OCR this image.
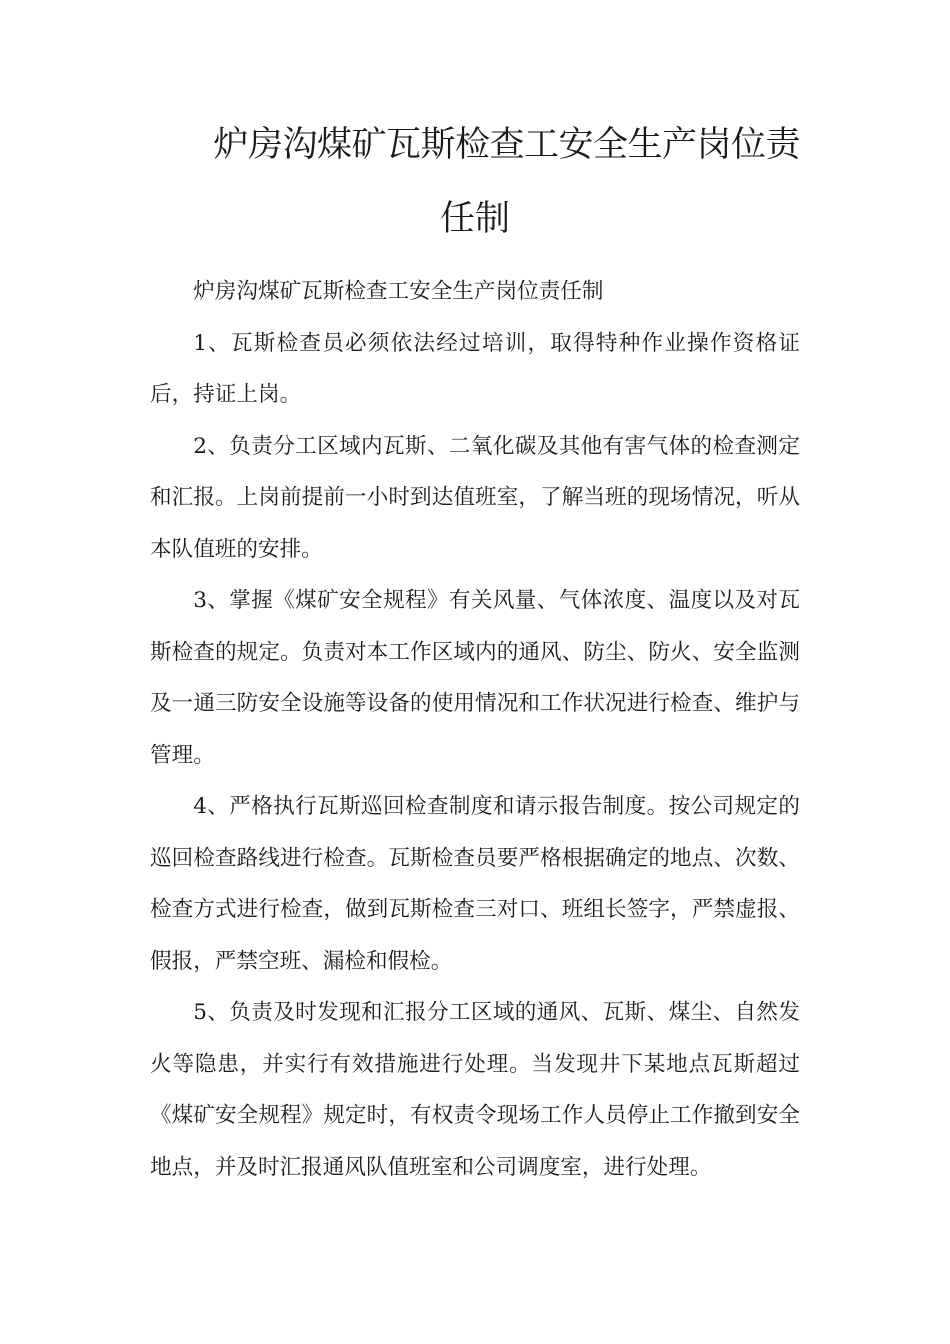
炉房沟煤矿瓦斯检查工安全生产岗位责
任制

炉房沟煤矿瓦斯检查工安全生产岗位责任制

1、瓦斯检查员必须依法经过培训，取得特种作业操作资格证后，持证上岗。

2、负责分工区域内瓦斯、二氧化碳及其他有害气体的检查测定和汇报。上岗前提前一小时到达值班室，了解当班的现场情况，听从本队值班的安排。

3、掌握《煤矿安全规程》有关风量、气体浓度、温度以及对瓦斯检查的规定。负责对本工作区域内的通风、防尘、防火、安全监测及一通三防安全设施等设备的使用情况和工作状况进行检查、维护与管理。

4、严格执行瓦斯巡回检查制度和请示报告制度。按公司规定的巡回检查路线进行检查。瓦斯检查员要严格根据确定的地点、次数、检查方式进行检查，做到瓦斯检查三对口、班组长签字，严禁虚报、假报，严禁空班、漏检和假检。

5、负责及时发现和汇报分工区域的通风、瓦斯、煤尘、自然发火等隐患，并实行有效措施进行处理。当发现井下某地点瓦斯超过《煤矿安全规程》规定时，有权责令现场工作人员停止工作撤到安全地点，并及时汇报通风队值班室和公司调度室，进行处理。
